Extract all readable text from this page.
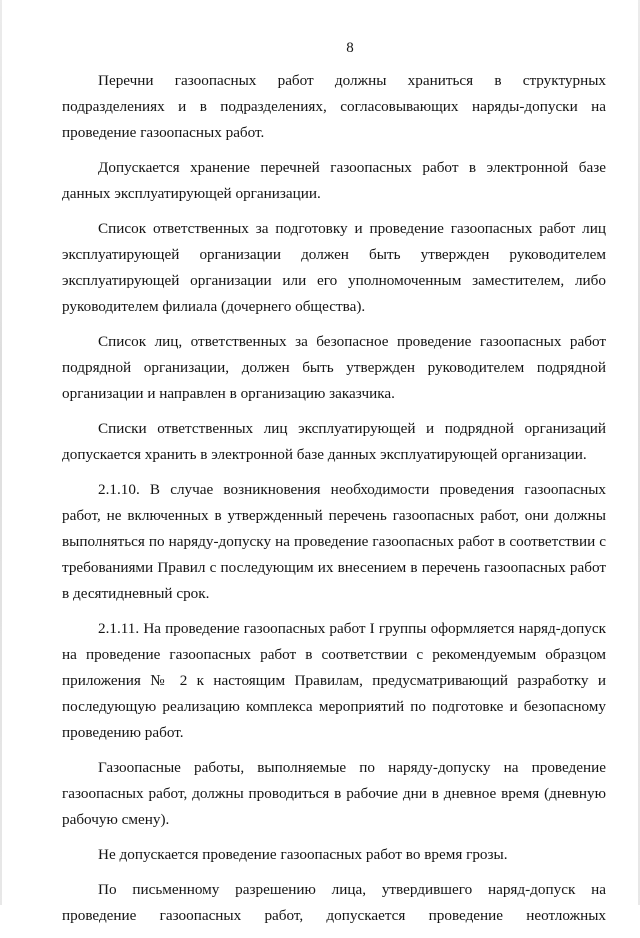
8

Перечни газоопасных работ должны храниться в структурных подразделениях и в подразделениях, согласовывающих наряды-допуски на проведение газоопасных работ.

Допускается хранение перечней газоопасных работ в электронной базе данных эксплуатирующей организации.

Список ответственных за подготовку и проведение газоопасных работ лиц эксплуатирующей организации должен быть утвержден руководителем эксплуатирующей организации или его уполномоченным заместителем, либо руководителем филиала (дочернего общества).

Список лиц, ответственных за безопасное проведение газоопасных работ подрядной организации, должен быть утвержден руководителем подрядной организации и направлен в организацию заказчика.

Списки ответственных лиц эксплуатирующей и подрядной организаций допускается хранить в электронной базе данных эксплуатирующей организации.

2.1.10. В случае возникновения необходимости проведения газоопасных работ, не включенных в утвержденный перечень газоопасных работ, они должны выполняться по наряду-допуску на проведение газоопасных работ в соответствии с требованиями Правил с последующим их внесением в перечень газоопасных работ в десятидневный срок.

2.1.11. На проведение газоопасных работ I группы оформляется наряд-допуск на проведение газоопасных работ в соответствии с рекомендуемым образцом приложения № 2 к настоящим Правилам, предусматривающий разработку и последующую реализацию комплекса мероприятий по подготовке и безопасному проведению работ.

Газоопасные работы, выполняемые по наряду-допуску на проведение газоопасных работ, должны проводиться в рабочие дни в дневное время (дневную рабочую смену).

Не допускается проведение газоопасных работ во время грозы.

По письменному разрешению лица, утвердившего наряд-допуск на проведение газоопасных работ, допускается проведение неотложных
